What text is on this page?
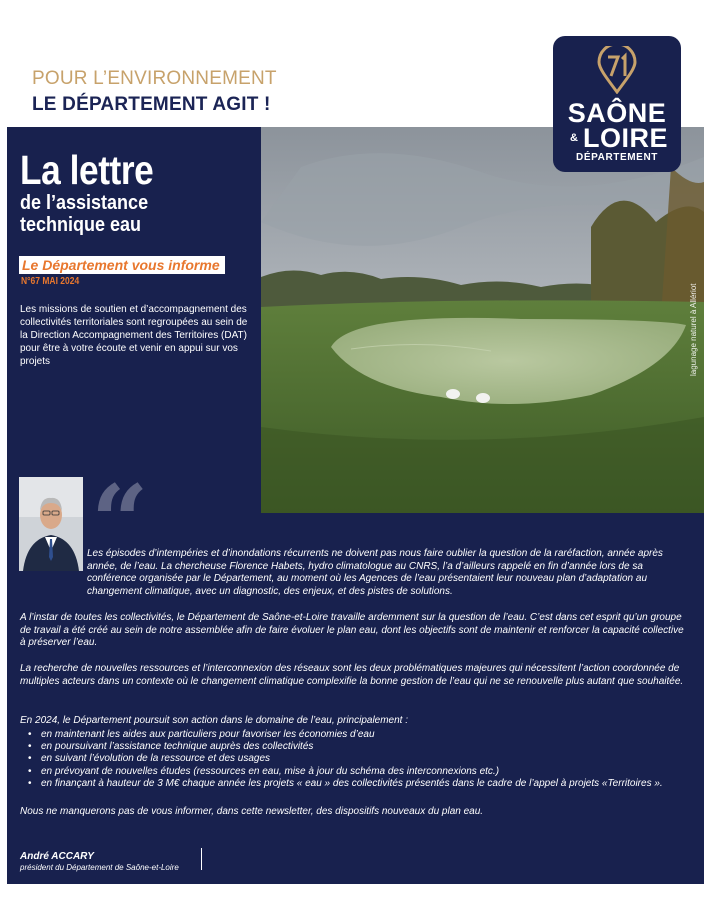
POUR L’ENVIRONNEMENT
LE DÉPARTEMENT AGIT !
lagunage naturel à Allériot
SAÔNE
& LOIRE
DÉPARTEMENT
La lettre
de l’assistance
technique eau
Le Département vous informe
N°67 MAI 2024
Les missions de soutien et d’accompagnement des collectivités territoriales sont regroupées au sein de la Direction Accompagnement des Territoires (DAT) pour être à votre écoute et venir en appui sur vos projets
“

Les épisodes d’intempéries et d’inondations récurrents ne doivent pas nous faire oublier la question de la raréfaction, année après année, de l’eau. La chercheuse Florence Habets, hydro climatologue au CNRS, l’a d’ailleurs rappelé en fin d’année lors de sa conférence organisée par le Département, au moment où les Agences de l’eau présentaient leur nouveau plan d’adaptation au changement climatique, avec un diagnostic, des enjeux, et des pistes de solutions.

A l’instar de toutes les collectivités, le Département de Saône-et-Loire travaille ardemment sur la question de l’eau. C’est dans cet esprit qu’un groupe de travail a été créé au sein de notre assemblée afin de faire évoluer le plan eau, dont les objectifs sont de maintenir et renforcer la capacité collective à préserver l’eau.

La recherche de nouvelles ressources et l’interconnexion des réseaux sont les deux problématiques majeures qui nécessitent l’action coordonnée de multiples acteurs dans un contexte où le changement climatique complexifie la bonne gestion de l’eau qui ne se renouvelle plus autant que souhaitée.

En 2024, le Département poursuit son action dans le domaine de l’eau, principalement :

• en maintenant les aides aux particuliers pour favoriser les économies d’eau
• en poursuivant l’assistance technique auprès des collectivités
• en suivant l’évolution de la ressource et des usages
• en prévoyant de nouvelles études (ressources en eau, mise à jour du schéma des interconnexions etc.)
• en finançant à hauteur de 3 M€ chaque année les projets « eau » des collectivités présentés dans le cadre de l’appel à projets «Territoires ».

Nous ne manquerons pas de vous informer, dans cette newsletter, des dispositifs nouveaux du plan eau.

André ACCARY
président du Département de Saône-et-Loire
